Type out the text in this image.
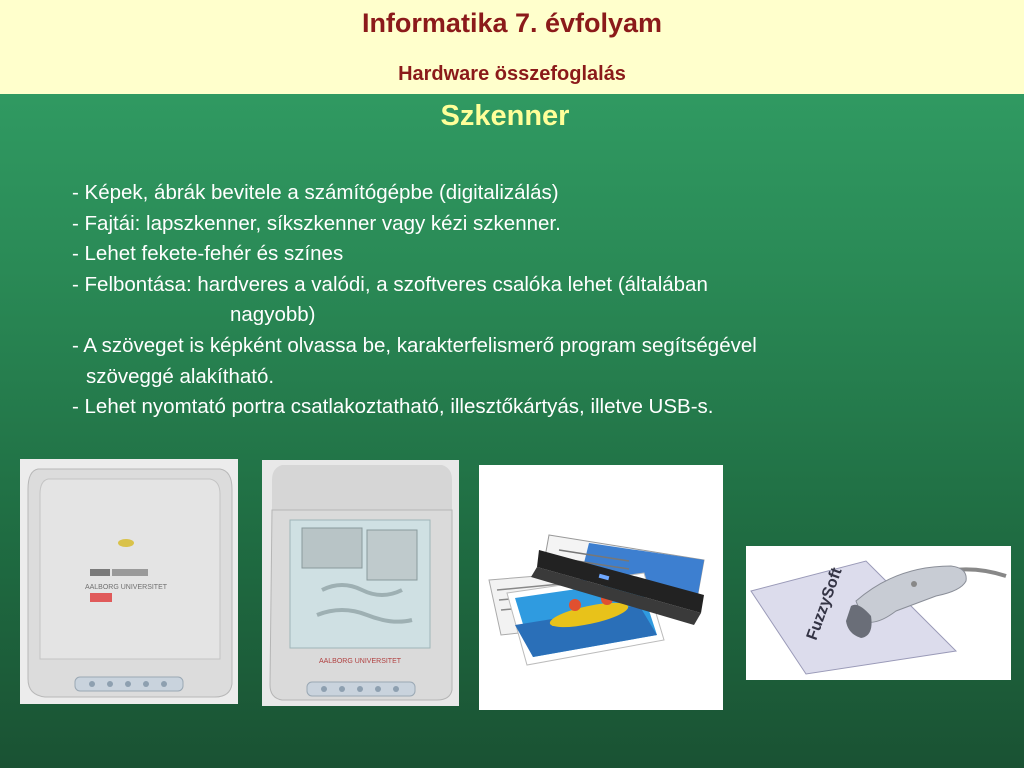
Informatika 7. évfolyam
Hardware összefoglalás
Szkenner
- Képek, ábrák bevitele a számítógépbe (digitalizálás)
- Fajtái: lapszkenner, síkszkenner vagy kézi szkenner.
- Lehet fekete-fehér és színes
- Felbontása: hardveres a valódi, a szoftveres csalóka lehet (általában
nagyobb)
- A szöveget is képként olvassa be, karakterfelismerő program segítségével
szöveggé alakítható.
- Lehet nyomtató portra csatlakoztatható, illesztőkártyás, illetve USB-s.
AALBORG UNIVERSITET
AALBORG UNIVERSITET
FuzzySoft
